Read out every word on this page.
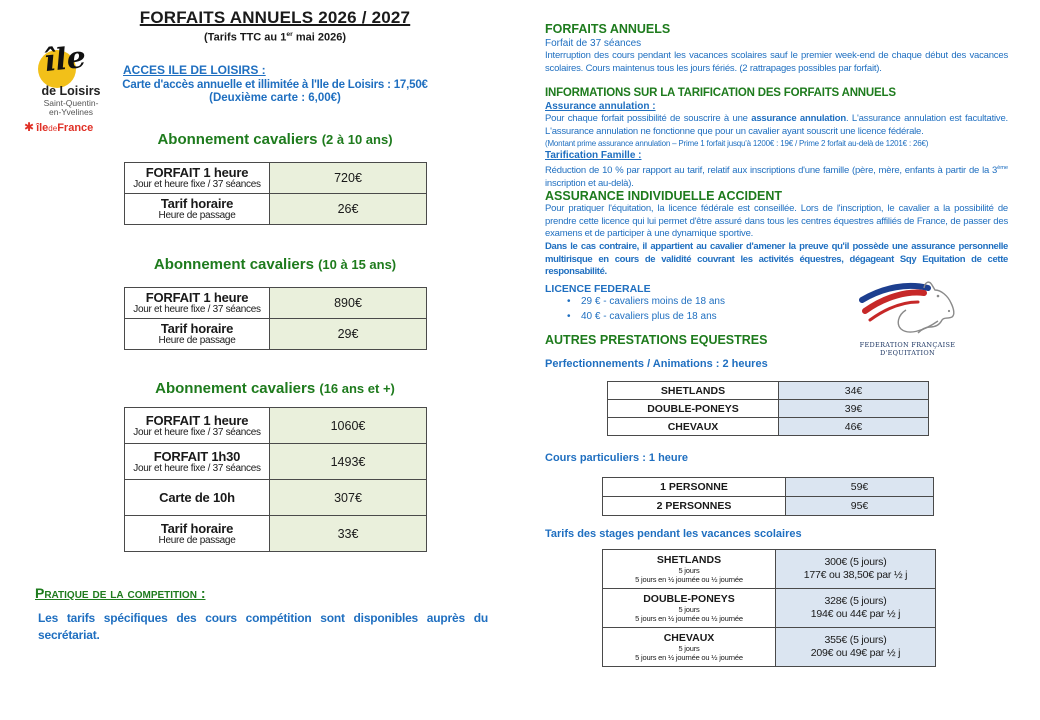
FORFAITS ANNUELS 2026 / 2027
(Tarifs TTC au 1er mai 2026)
île
de Loisirs
Saint-Quentin-
en-Yvelines
✱ îledeFrance
ACCES ILE DE LOISIRS :
Carte d'accès annuelle et illimitée à l'Ile de Loisirs : 17,50€
(Deuxième carte : 6,00€)
Abonnement cavaliers (2 à 10 ans)
FORFAIT 1 heure
Jour et heure fixe / 37 séances	720€

Tarif horaire
Heure de passage	26€
Abonnement cavaliers (10 à 15 ans)
FORFAIT 1 heure
Jour et heure fixe / 37 séances	890€

Tarif horaire
Heure de passage	29€
Abonnement cavaliers (16 ans et +)
FORFAIT 1 heure
Jour et heure fixe / 37 séances	1060€

FORFAIT 1h30
Jour et heure fixe / 37 séances	1493€

Carte de 10h	307€

Tarif horaire
Heure de passage	33€
Pratique de la competition :
Les tarifs spécifiques des cours compétition sont disponibles auprès du secrétariat.
FORFAITS ANNUELS
Forfait de 37 séances
Interruption des cours pendant les vacances scolaires sauf le premier week-end de chaque début des vacances scolaires. Cours maintenus tous les jours fériés. (2 rattrapages possibles par forfait).
INFORMATIONS SUR LA TARIFICATION DES FORFAITS ANNUELS
Assurance annulation :
Pour chaque forfait possibilité de souscrire à une assurance annulation. L'assurance annulation est facultative. L'assurance annulation ne fonctionne que pour un cavalier ayant souscrit une licence fédérale.
(Montant prime assurance annulation – Prime 1 forfait jusqu'à 1200€ : 19€ / Prime 2 forfait au-delà de 1201€ : 26€)
Tarification Famille :
Réduction de 10 % par rapport au tarif, relatif aux inscriptions d'une famille (père, mère, enfants à partir de la 3ème inscription et au-delà).
ASSURANCE INDIVIDUELLE ACCIDENT
Pour pratiquer l'équitation, la licence fédérale est conseillée. Lors de l'inscription, le cavalier a la possibilité de prendre cette licence qui lui permet d'être assuré dans tous les centres équestres affiliés de France, de passer des examens et de participer à une dynamique sportive.
Dans le cas contraire, il appartient au cavalier d'amener la preuve qu'il possède une assurance personnelle multirisque en cours de validité couvrant les activités équestres, dégageant Sqy Equitation de cette responsabilité.
LICENCE FEDERALE
• 29 € - cavaliers moins de 18 ans
• 40 € - cavaliers plus de 18 ans
FEDERATION FRANÇAISE
D'EQUITATION
AUTRES PRESTATIONS EQUESTRES
Perfectionnements / Animations : 2 heures
SHETLANDS	34€
DOUBLE-PONEYS	39€
CHEVAUX	46€
Cours particuliers : 1 heure
1 PERSONNE	59€
2 PERSONNES	95€
Tarifs des stages pendant les vacances scolaires
SHETLANDS
5 jours
5 jours en ½ journée ou ½ journée	300€ (5 jours)
177€ ou 38,50€ par ½ j

DOUBLE-PONEYS
5 jours
5 jours en ½ journée ou ½ journée	328€ (5 jours)
194€ ou 44€ par ½ j

CHEVAUX
5 jours
5 jours en ½ journée ou ½ journée	355€ (5 jours)
209€ ou 49€ par ½ j
